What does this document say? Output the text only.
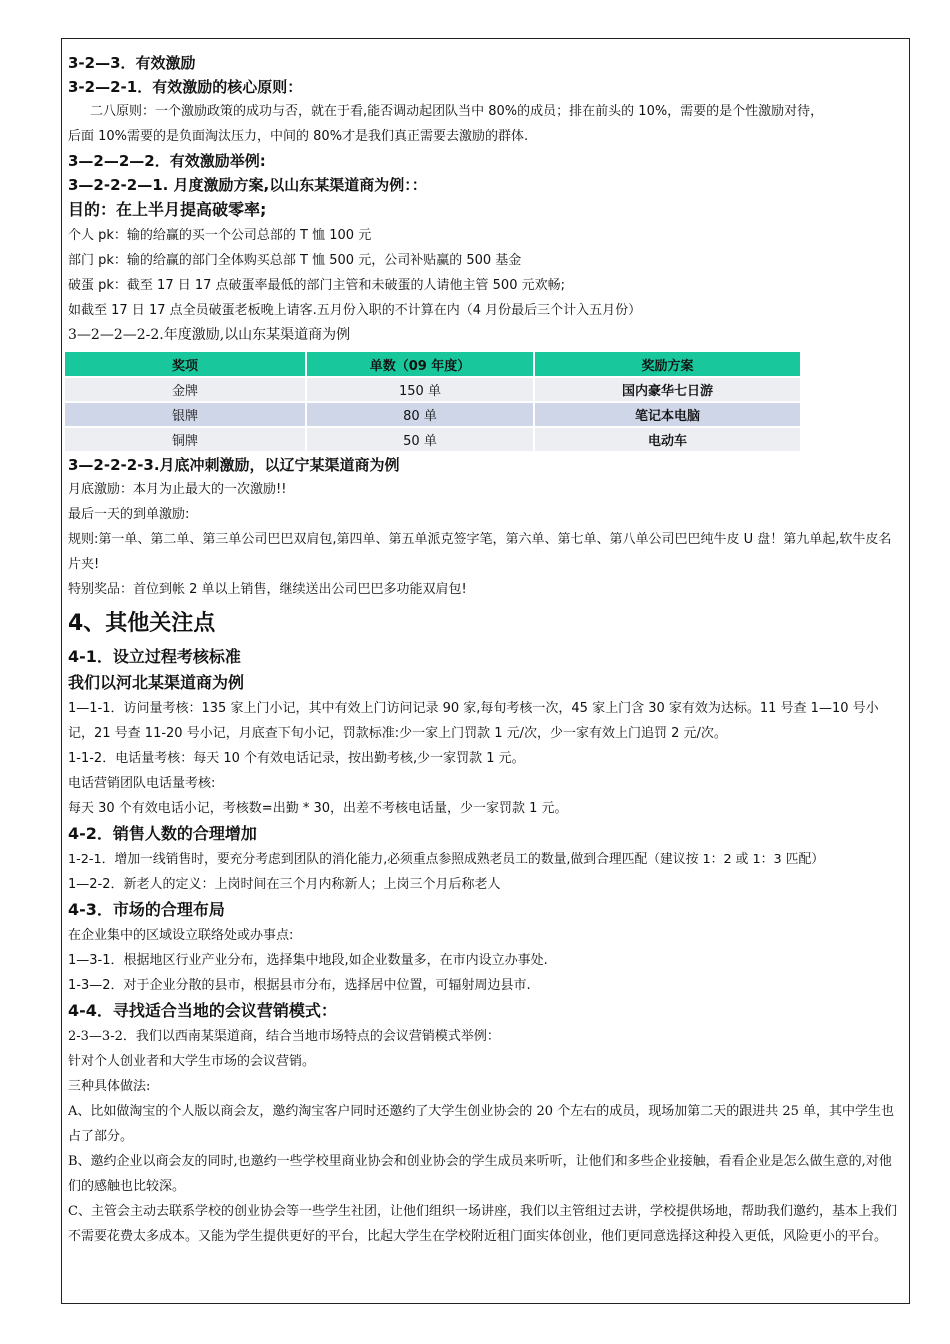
3-2—3．有效激励

3-2—2-1．有效激励的核心原则：

二八原则：一个激励政策的成功与否，就在于看,能否调动起团队当中 80%的成员；排在前头的 10%，需要的是个性激励对待，

后面 10%需要的是负面淘汰压力，中间的 80%才是我们真正需要去激励的群体.

3—2—2—2．有效激励举例:

3—2-2-2—1. 月度激励方案,以山东某渠道商为例：：

目的：在上半月提高破零率;

个人 pk：输的给赢的买一个公司总部的 T 恤 100 元

部门 pk：输的给赢的部门全体购买总部 T 恤 500 元，公司补贴赢的 500 基金

破蛋 pk：截至 17 日 17 点破蛋率最低的部门主管和未破蛋的人请他主管 500 元欢畅;

如截至 17 日 17 点全员破蛋老板晚上请客.五月份入职的不计算在内（4 月份最后三个计入五月份）

3—2—2—2-2.年度激励,以山东某渠道商为例

奖项	单数（09 年度）	奖励方案
金牌	150 单	国内豪华七日游
银牌	80 单	笔记本电脑
铜牌	50 单	电动车

3—2-2-2-3.月底冲刺激励，以辽宁某渠道商为例

月底激励：本月为止最大的一次激励!!

最后一天的到单激励:

规则:第一单、第二单、第三单公司巴巴双肩包,第四单、第五单派克签字笔，第六单、第七单、第八单公司巴巴纯牛皮 U 盘！第九单起,软牛皮名片夹!

特别奖品：首位到帐 2 单以上销售，继续送出公司巴巴多功能双肩包!

4、其他关注点

4-1．设立过程考核标准

我们以河北某渠道商为例

1—1-1．访问量考核：135 家上门小记，其中有效上门访问记录 90 家,每旬考核一次，45 家上门含 30 家有效为达标。11 号查 1—10 号小记，21 号查 11-20 号小记，月底查下旬小记，罚款标准:少一家上门罚款 1 元/次，少一家有效上门追罚 2 元/次。

1-1-2．电话量考核：每天 10 个有效电话记录，按出勤考核,少一家罚款 1 元。

电话营销团队电话量考核:

每天 30 个有效电话小记，考核数=出勤 * 30，出差不考核电话量，少一家罚款 1 元。

4-2．销售人数的合理增加

1-2-1．增加一线销售时，要充分考虑到团队的消化能力,必须重点参照成熟老员工的数量,做到合理匹配（建议按 1：2 或 1：3 匹配）

1—2-2．新老人的定义：上岗时间在三个月内称新人；上岗三个月后称老人

4-3．市场的合理布局

在企业集中的区域设立联络处或办事点:

1—3-1．根据地区行业产业分布，选择集中地段,如企业数量多，在市内设立办事处.

1-3—2．对于企业分散的县市，根据县市分布，选择居中位置，可辐射周边县市.

4-4．寻找适合当地的会议营销模式：

2-3—3-2．我们以西南某渠道商，结合当地市场特点的会议营销模式举例：

针对个人创业者和大学生市场的会议营销。

三种具体做法:

A、比如做淘宝的个人版以商会友，邀约淘宝客户同时还邀约了大学生创业协会的 20 个左右的成员，现场加第二天的跟进共 25 单，其中学生也占了部分。

B、邀约企业以商会友的同时,也邀约一些学校里商业协会和创业协会的学生成员来听听，让他们和多些企业接触，看看企业是怎么做生意的,对他们的感触也比较深。

C、主管会主动去联系学校的创业协会等一些学生社团，让他们组织一场讲座，我们以主管组过去讲，学校提供场地，帮助我们邀约，基本上我们不需要花费太多成本。又能为学生提供更好的平台，比起大学生在学校附近租门面实体创业，他们更同意选择这种投入更低，风险更小的平台。
